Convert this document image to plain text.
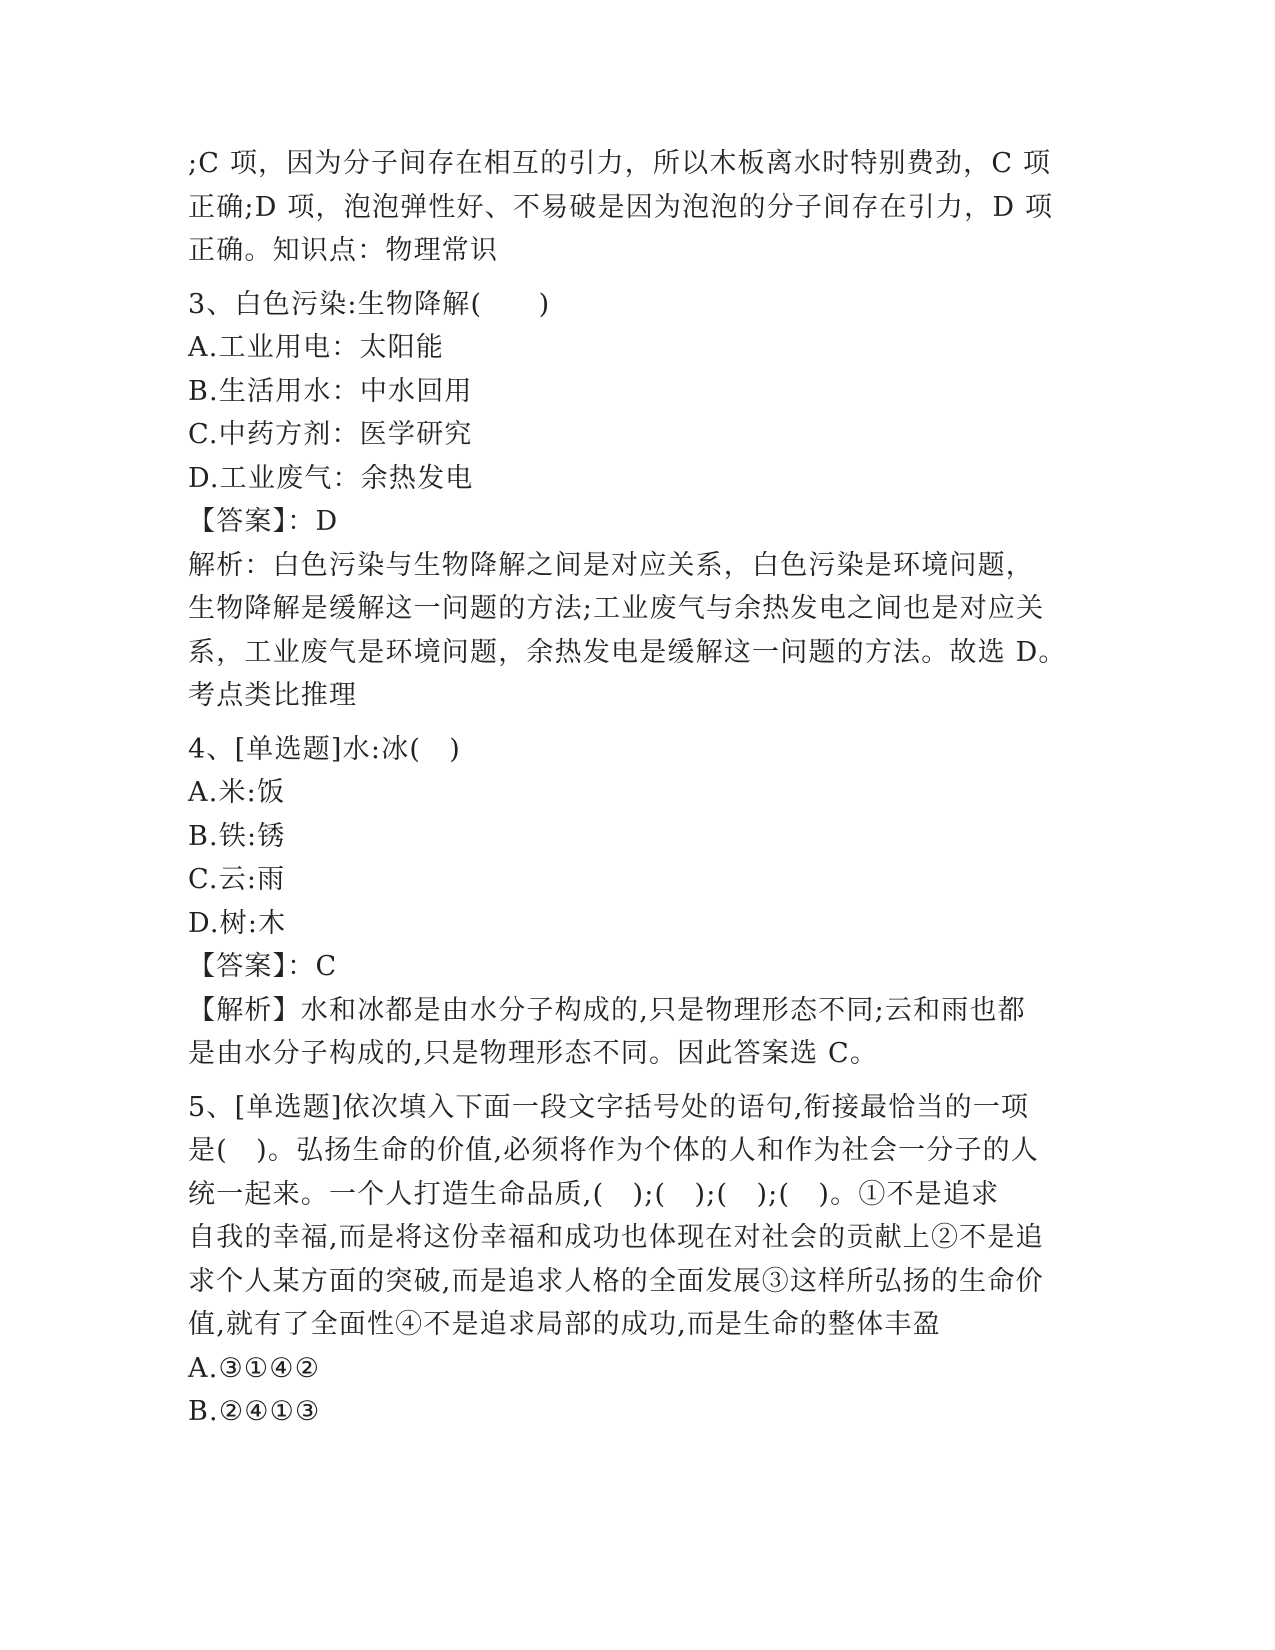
;C 项，因为分子间存在相互的引力，所以木板离水时特别费劲，C 项
正确;D 项，泡泡弹性好、不易破是因为泡泡的分子间存在引力，D 项
正确。知识点：物理常识
3、白色污染:生物降解(　　)
A.工业用电：太阳能
B.生活用水：中水回用
C.中药方剂：医学研究
D.工业废气：余热发电
【答案】：D
解析：白色污染与生物降解之间是对应关系，白色污染是环境问题，
生物降解是缓解这一问题的方法;工业废气与余热发电之间也是对应关
系，工业废气是环境问题，余热发电是缓解这一问题的方法。故选 D。
考点类比推理
4、[单选题]水:冰(　)
A.米:饭
B.铁:锈
C.云:雨
D.树:木
【答案】：C
【解析】水和冰都是由水分子构成的,只是物理形态不同;云和雨也都
是由水分子构成的,只是物理形态不同。因此答案选 C。
5、[单选题]依次填入下面一段文字括号处的语句,衔接最恰当的一项
是(　)。弘扬生命的价值,必须将作为个体的人和作为社会一分子的人
统一起来。一个人打造生命品质,(　);(　);(　);(　)。①不是追求
自我的幸福,而是将这份幸福和成功也体现在对社会的贡献上②不是追
求个人某方面的突破,而是追求人格的全面发展③这样所弘扬的生命价
值,就有了全面性④不是追求局部的成功,而是生命的整体丰盈
A.③①④②
B.②④①③
